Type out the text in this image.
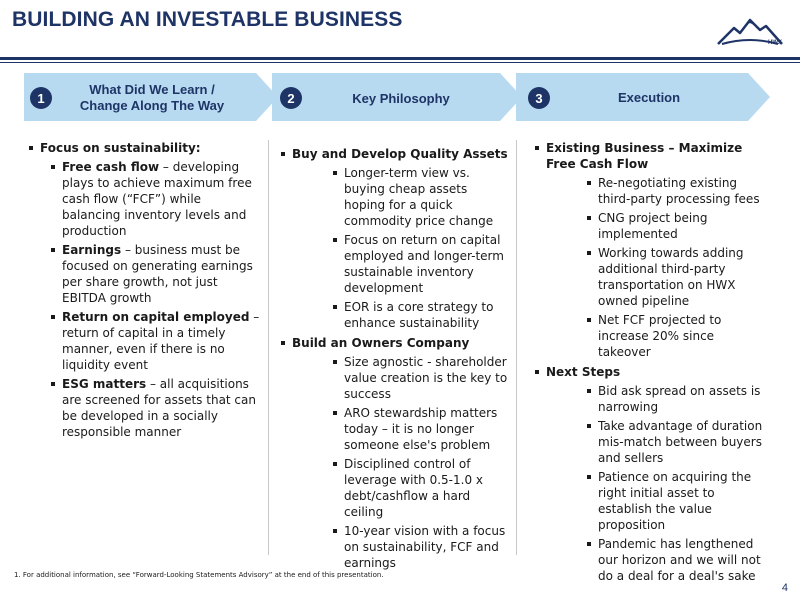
BUILDING AN INVESTABLE BUSINESS
HWX
1	2	3
What Did We Learn /
Change Along The Way	Key Philosophy	Execution
Focus on sustainability:
Free cash flow – developing plays to achieve maximum free cash flow (“FCF”) while balancing inventory levels and production
Earnings – business must be focused on generating earnings per share growth, not just EBITDA growth
Return on capital employed – return of capital in a timely manner, even if there is no liquidity event
ESG matters – all acquisitions are screened for assets that can be developed in a socially responsible manner
Buy and Develop Quality Assets
Longer-term view vs. buying cheap assets hoping for a quick commodity price change
Focus on return on capital employed and longer-term sustainable inventory development
EOR is a core strategy to enhance sustainability
Build an Owners Company
Size agnostic - shareholder value creation is the key to success
ARO stewardship matters today – it is no longer someone else's problem
Disciplined control of leverage with 0.5-1.0 x debt/cashflow a hard ceiling
10-year vision with a focus on sustainability, FCF and earnings
Existing Business – Maximize Free Cash Flow
Re-negotiating existing third-party processing fees
CNG project being implemented
Working towards adding additional third-party transportation on HWX owned pipeline
Net FCF projected to increase 20% since takeover
Next Steps
Bid ask spread on assets is narrowing
Take advantage of duration mis-match between buyers and sellers
Patience on acquiring the right initial asset to establish the value proposition
Pandemic has lengthened our horizon and we will not do a deal for a deal's sake
1. For additional information, see “Forward-Looking Statements Advisory” at the end of this presentation.
4
